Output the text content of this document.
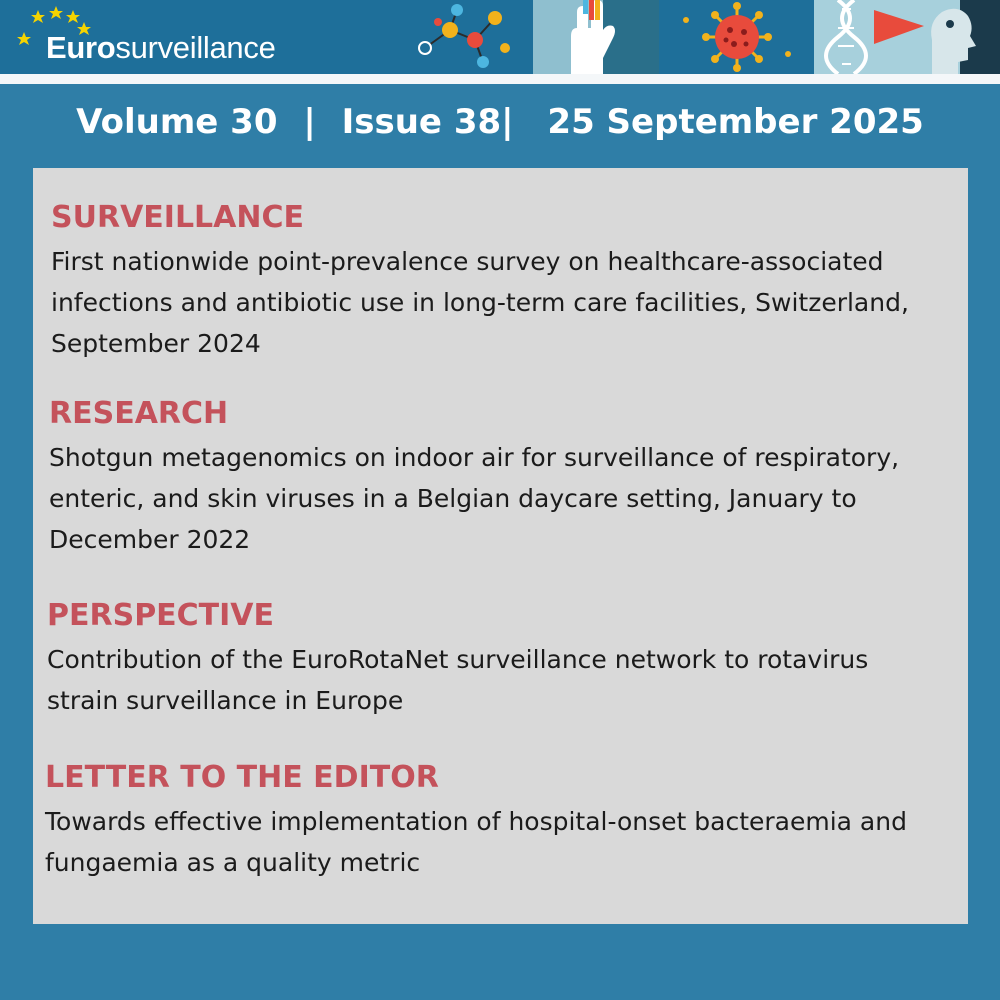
Eurosurveillance
Volume 30 | Issue 38| 25 September 2025
SURVEILLANCE
First nationwide point-prevalence survey on healthcare-associated infections and antibiotic use in long-term care facilities, Switzerland, September 2024
RESEARCH
Shotgun metagenomics on indoor air for surveillance of respiratory, enteric, and skin viruses in a Belgian daycare setting, January to December 2022
PERSPECTIVE
Contribution of the EuroRotaNet surveillance network to rotavirus strain surveillance in Europe
LETTER TO THE EDITOR
Towards effective implementation of hospital-onset bacteraemia and fungaemia as a quality metric
